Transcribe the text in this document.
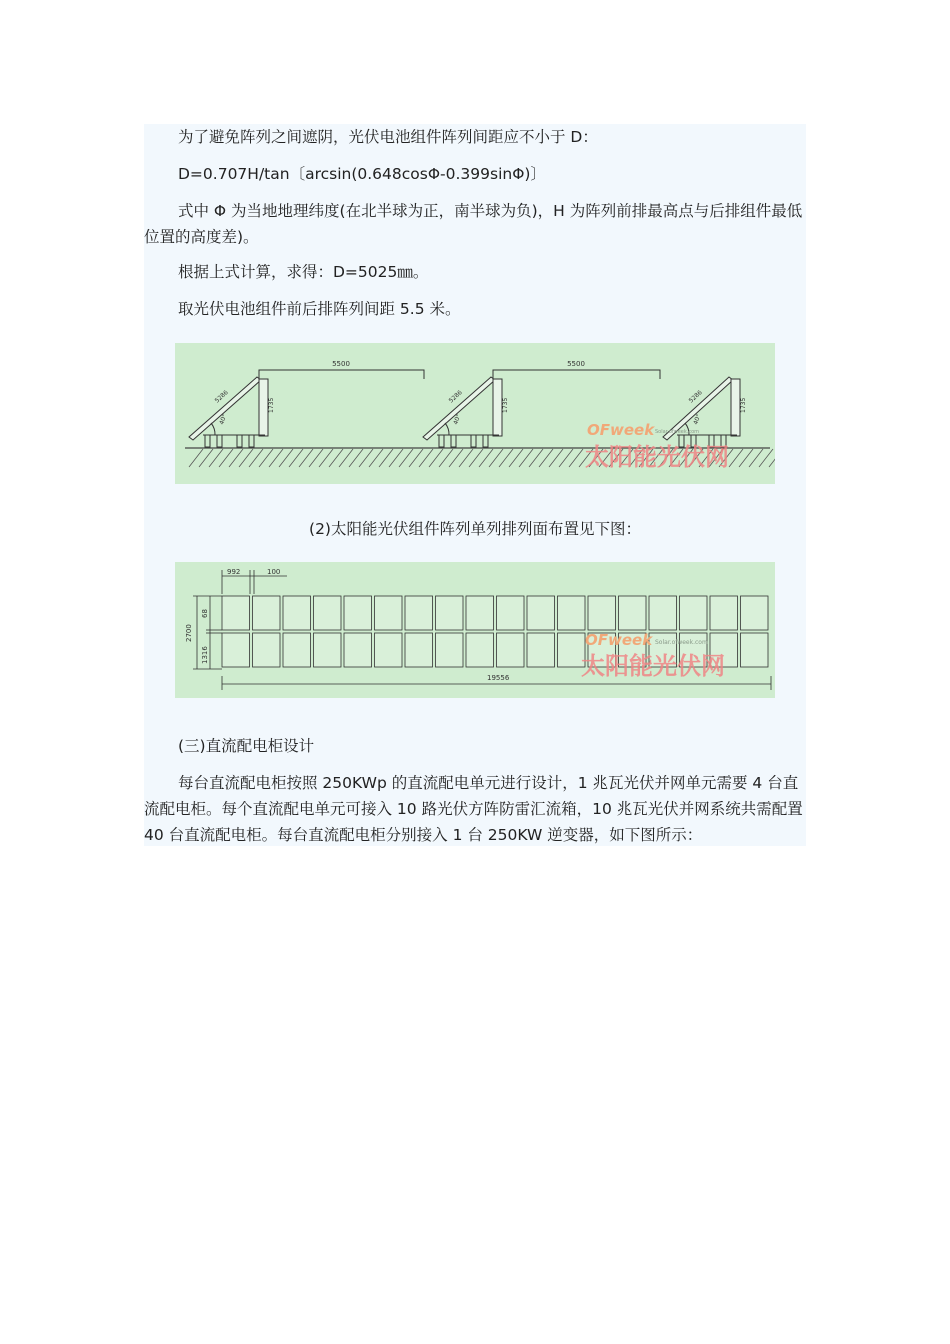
为了避免阵列之间遮阴，光伏电池组件阵列间距应不小于 D：

D=0.707H/tan〔arcsin(0.648cosΦ-0.399sinΦ)〕

式中 Φ 为当地地理纬度(在北半球为正，南半球为负)，H 为阵列前排最高点与后排组件最低位置的高度差)。

根据上式计算，求得：D=5025㎜。

取光伏电池组件前后排阵列间距 5.5 米。

5500	5500
5286
1735
40°
5286
1735
40°
5286
1735
40°
OFweek Solar.ofweek.com
太阳能光伏网

(2)太阳能光伏组件阵列单列排列面布置见下图：

992	100
2700
68
1316
19556
OFweek Solar.ofweek.com
太阳能光伏网

(三)直流配电柜设计

每台直流配电柜按照 250KWp 的直流配电单元进行设计，1 兆瓦光伏并网单元需要 4 台直流配电柜。每个直流配电单元可接入 10 路光伏方阵防雷汇流箱，10 兆瓦光伏并网系统共需配置 40 台直流配电柜。每台直流配电柜分别接入 1 台 250KW 逆变器，如下图所示：
